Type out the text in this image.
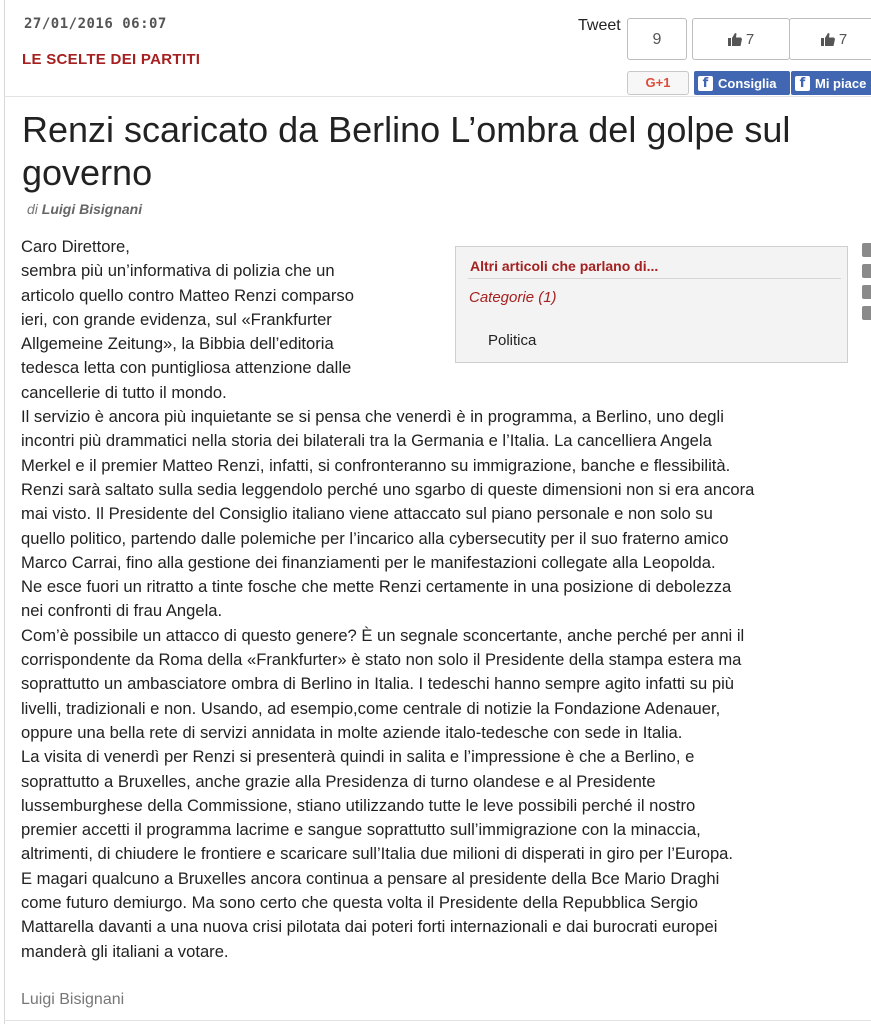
27/01/2016 06:07
LE SCELTE DEI PARTITI
Tweet
9	7	7
G+1	f Consiglia	f Mi piace
Renzi scaricato da Berlino L’ombra del golpe sul governo
di Luigi Bisignani
Caro Direttore,
sembra più un’informativa di polizia che un
articolo quello contro Matteo Renzi comparso
ieri, con grande evidenza, sul «Frankfurter
Allgemeine Zeitung», la Bibbia dell’editoria
tedesca letta con puntigliosa attenzione dalle
cancellerie di tutto il mondo.
Il servizio è ancora più inquietante se si pensa che venerdì è in programma, a Berlino, uno degli
incontri più drammatici nella storia dei bilaterali tra la Germania e l’Italia. La cancelliera Angela
Merkel e il premier Matteo Renzi, infatti, si confronteranno su immigrazione, banche e flessibilità.
Renzi sarà saltato sulla sedia leggendolo perché uno sgarbo di queste dimensioni non si era ancora
mai visto. Il Presidente del Consiglio italiano viene attaccato sul piano personale e non solo su
quello politico, partendo dalle polemiche per l’incarico alla cybersecutity per il suo fraterno amico
Marco Carrai, fino alla gestione dei finanziamenti per le manifestazioni collegate alla Leopolda.
Ne esce fuori un ritratto a tinte fosche che mette Renzi certamente in una posizione di debolezza
nei confronti di frau Angela.
Com’è possibile un attacco di questo genere? È un segnale sconcertante, anche perché per anni il
corrispondente da Roma della «Frankfurter» è stato non solo il Presidente della stampa estera ma
soprattutto un ambasciatore ombra di Berlino in Italia. I tedeschi hanno sempre agito infatti su più
livelli, tradizionali e non. Usando, ad esempio,come centrale di notizie la Fondazione Adenauer,
oppure una bella rete di servizi annidata in molte aziende italo-tedesche con sede in Italia.
La visita di venerdì per Renzi si presenterà quindi in salita e l’impressione è che a Berlino, e
soprattutto a Bruxelles, anche grazie alla Presidenza di turno olandese e al Presidente
lussemburghese della Commissione, stiano utilizzando tutte le leve possibili perché il nostro
premier accetti il programma lacrime e sangue soprattutto sull’immigrazione con la minaccia,
altrimenti, di chiudere le frontiere e scaricare sull’Italia due milioni di disperati in giro per l’Europa.
E magari qualcuno a Bruxelles ancora continua a pensare al presidente della Bce Mario Draghi
come futuro demiurgo. Ma sono certo che questa volta il Presidente della Repubblica Sergio
Mattarella davanti a una nuova crisi pilotata dai poteri forti internazionali e dai burocrati europei
manderà gli italiani a votare.
Altri articoli che parlano di...
Categorie (1)
Politica
Luigi Bisignani
